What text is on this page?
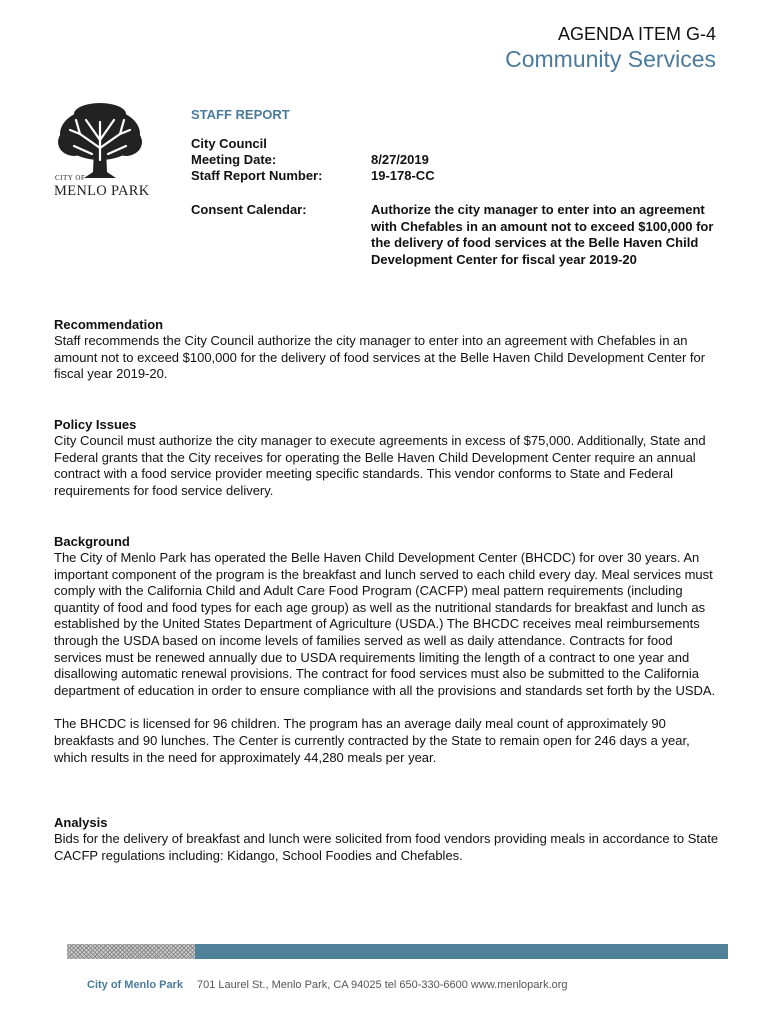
AGENDA ITEM G-4
Community Services
CITY OF
MENLO PARK
STAFF REPORT
City Council
Meeting Date:	8/27/2019
Staff Report Number:	19-178-CC
Consent Calendar:	Authorize the city manager to enter into an agreement with Chefables in an amount not to exceed $100,000 for the delivery of food services at the Belle Haven Child Development Center for fiscal year 2019-20
Recommendation

Staff recommends the City Council authorize the city manager to enter into an agreement with Chefables in an amount not to exceed $100,000 for the delivery of food services at the Belle Haven Child Development Center for fiscal year 2019-20.

Policy Issues

City Council must authorize the city manager to execute agreements in excess of $75,000. Additionally, State and Federal grants that the City receives for operating the Belle Haven Child Development Center require an annual contract with a food service provider meeting specific standards. This vendor conforms to State and Federal requirements for food service delivery.

Background

The City of Menlo Park has operated the Belle Haven Child Development Center (BHCDC) for over 30 years. An important component of the program is the breakfast and lunch served to each child every day. Meal services must comply with the California Child and Adult Care Food Program (CACFP) meal pattern requirements (including quantity of food and food types for each age group) as well as the nutritional standards for breakfast and lunch as established by the United States Department of Agriculture (USDA.) The BHCDC receives meal reimbursements through the USDA based on income levels of families served as well as daily attendance. Contracts for food services must be renewed annually due to USDA requirements limiting the length of a contract to one year and disallowing automatic renewal provisions. The contract for food services must also be submitted to the California department of education in order to ensure compliance with all the provisions and standards set forth by the USDA.

The BHCDC is licensed for 96 children. The program has an average daily meal count of approximately 90 breakfasts and 90 lunches. The Center is currently contracted by the State to remain open for 246 days a year, which results in the need for approximately 44,280 meals per year.

Analysis

Bids for the delivery of breakfast and lunch were solicited from food vendors providing meals in accordance to State CACFP regulations including: Kidango, School Foodies and Chefables.

City of Menlo Park 701 Laurel St., Menlo Park, CA 94025 tel 650-330-6600 www.menlopark.org
